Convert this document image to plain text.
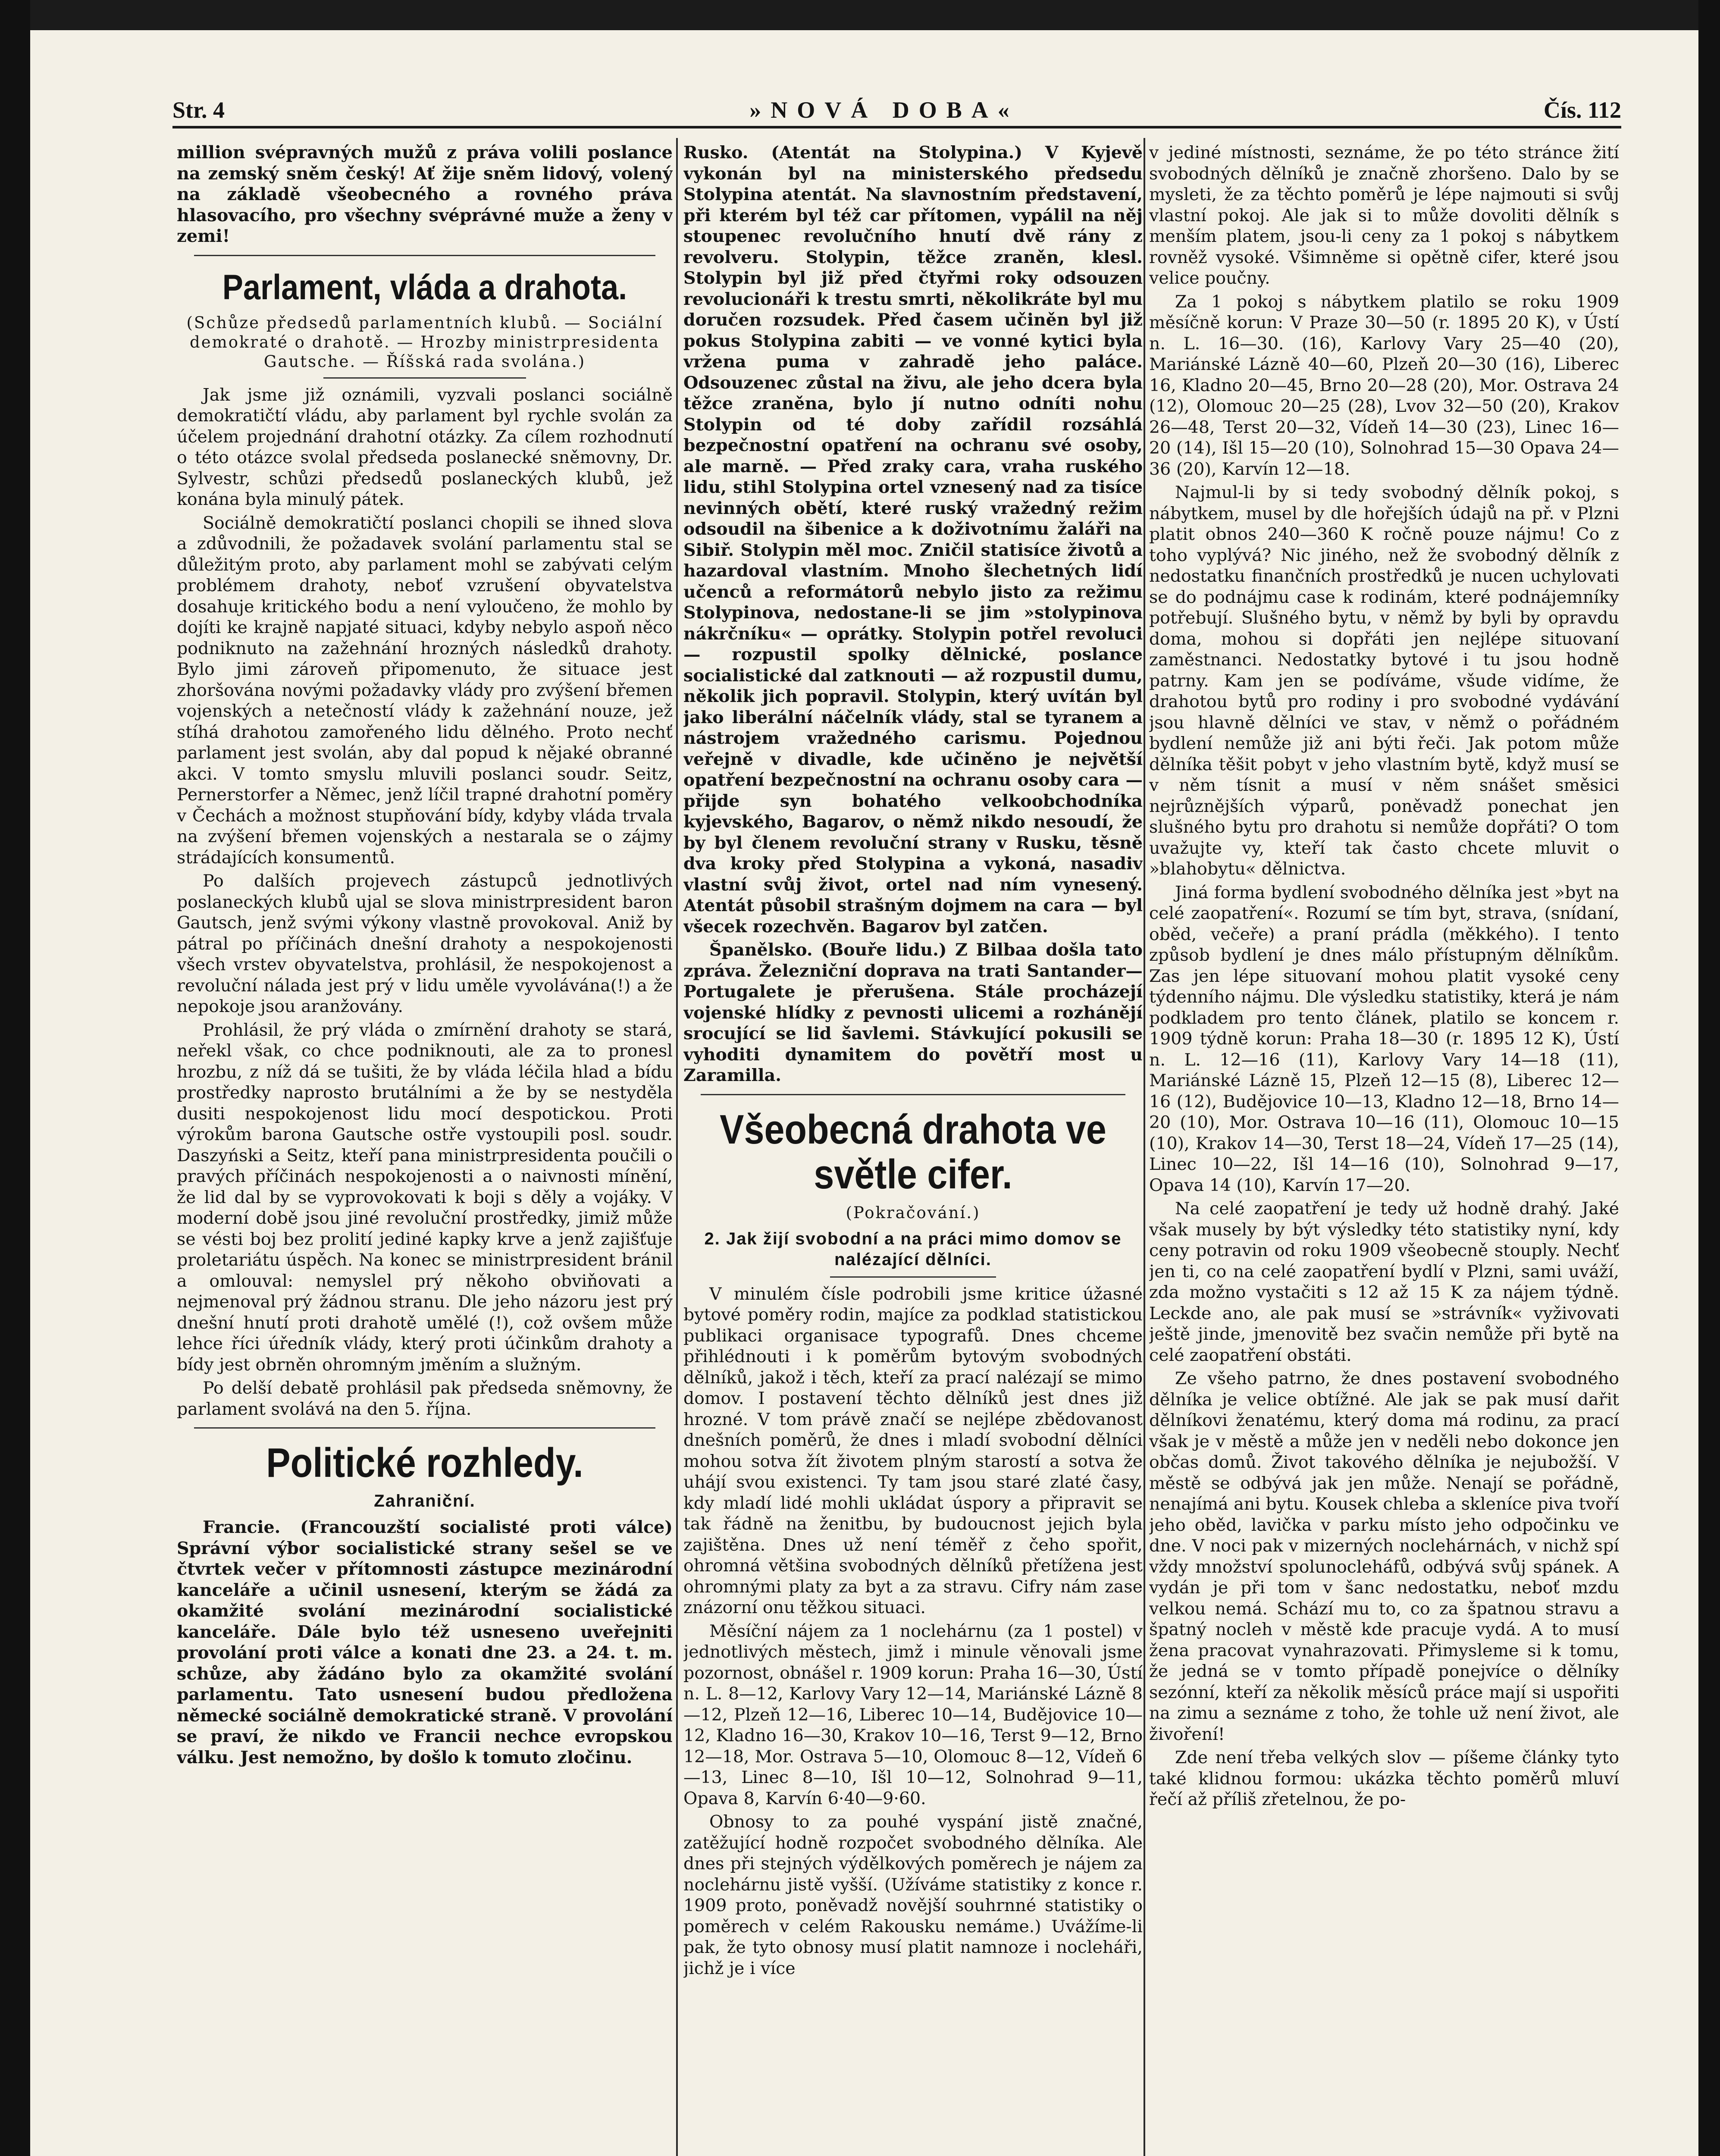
Str. 4	»NOVÁ DOBA«	Čís. 112

million svépravných mužů z práva volili poslance na zemský sněm český! Ať žije sněm lidový, volený na základě všeobecného a rovného práva hlasovacího, pro všechny svéprávné muže a ženy v zemi!

Parlament, vláda a drahota.

(Schůze předsedů parlamentních klubů. — Sociální demokraté o drahotě. — Hrozby ministrpresidenta Gautsche. — Říšská rada svolána.)

Jak jsme již oznámili, vyzvali poslanci sociálně demokratičtí vládu, aby parlament byl rychle svolán za účelem projednání drahotní otázky. Za cílem rozhodnutí o této otázce svolal předseda poslanecké sněmovny, Dr. Sylvestr, schůzi předsedů poslaneckých klubů, jež konána byla minulý pátek.

Sociálně demokratičtí poslanci chopili se ihned slova a zdůvodnili, že požadavek svolání parlamentu stal se důležitým proto, aby parlament mohl se zabývati celým problémem drahoty, neboť vzrušení obyvatelstva dosahuje kritického bodu a není vyloučeno, že mohlo by dojíti ke krajně napjaté situaci, kdyby nebylo aspoň něco podniknuto na zažehnání hrozných následků drahoty. Bylo jimi zároveň připomenuto, že situace jest zhoršována novými požadavky vlády pro zvýšení břemen vojenských a netečností vlády k zažehnání nouze, jež stíhá drahotou zamořeného lidu dělného. Proto nechť parlament jest svolán, aby dal popud k nějaké obranné akci. V tomto smyslu mluvili poslanci soudr. Seitz, Pernerstorfer a Němec, jenž líčil trapné drahotní poměry v Čechách a možnost stupňování bídy, kdyby vláda trvala na zvýšení břemen vojenských a nestarala se o zájmy strádajících konsumentů.

Po dalších projevech zástupců jednotlivých poslaneckých klubů ujal se slova ministrpresident baron Gautsch, jenž svými výkony vlastně provokoval. Aniž by pátral po příčinách dnešní drahoty a nespokojenosti všech vrstev obyvatelstva, prohlásil, že nespokojenost a revoluční nálada jest prý v lidu uměle vyvolávána(!) a že nepokoje jsou aranžovány.

Prohlásil, že prý vláda o zmírnění drahoty se stará, neřekl však, co chce podniknouti, ale za to pronesl hrozbu, z níž dá se tušiti, že by vláda léčila hlad a bídu prostředky naprosto brutálními a že by se nestyděla dusiti nespokojenost lidu mocí despotickou. Proti výrokům barona Gautsche ostře vystoupili posl. soudr. Daszyński a Seitz, kteří pana ministrpresidenta poučili o pravých příčinách nespokojenosti a o naivnosti mínění, že lid dal by se vyprovokovati k boji s děly a vojáky. V moderní době jsou jiné revoluční prostředky, jimiž může se vésti boj bez prolití jediné kapky krve a jenž zajišťuje proletariátu úspěch. Na konec se ministrpresident bránil a omlouval: nemyslel prý někoho obviňovati a nejmenoval prý žádnou stranu. Dle jeho názoru jest prý dnešní hnutí proti drahotě umělé (!), což ovšem může lehce říci úředník vlády, který proti účinkům drahoty a bídy jest obrněn ohromným jměním a služným.

Po delší debatě prohlásil pak předseda sněmovny, že parlament svolává na den 5. října.

Politické rozhledy.
Zahraniční.

Francie. (Francouzští socialisté proti válce) Správní výbor socialistické strany sešel se ve čtvrtek večer v přítomnosti zástupce mezinárodní kanceláře a učinil usnesení, kterým se žádá za okamžité svolání mezinárodní socialistické kanceláře. Dále bylo též usneseno uveřejniti provolání proti válce a konati dne 23. a 24. t. m. schůze, aby žádáno bylo za okamžité svolání parlamentu. Tato usnesení budou předložena německé sociálně demokratické straně. V provolání se praví, že nikdo ve Francii nechce evropskou válku. Jest nemožno, by došlo k tomuto zločinu.

Rusko. (Atentát na Stolypina.) V Kyjevě vykonán byl na ministerského předsedu Stolypina atentát. Na slavnostním představení, při kterém byl též car přítomen, vypálil na něj stoupenec revolučního hnutí dvě rány z revolveru. Stolypin, těžce zraněn, klesl. Stolypin byl již před čtyřmi roky odsouzen revolucionáři k trestu smrti, několikráte byl mu doručen rozsudek. Před časem učiněn byl již pokus Stolypina zabiti — ve vonné kytici byla vržena puma v zahradě jeho paláce. Odsouzenec zůstal na živu, ale jeho dcera byla těžce zraněna, bylo jí nutno odníti nohu Stolypin od té doby zařídil rozsáhlá bezpečnostní opatření na ochranu své osoby, ale marně. — Před zraky cara, vraha ruského lidu, stihl Stolypina ortel vznesený nad za tisíce nevinných obětí, které ruský vražedný režim odsoudil na šibenice a k doživotnímu žaláři na Sibiř. Stolypin měl moc. Zničil statisíce životů a hazardoval vlastním. Mnoho šlechetných lidí učenců a reformátorů nebylo jisto za režimu Stolypinova, nedostane-li se jim »stolypinova nákrčníku« — oprátky. Stolypin potřel revoluci — rozpustil spolky dělnické, poslance socialistické dal zatknouti — až rozpustil dumu, několik jich popravil. Stolypin, který uvítán byl jako liberální náčelník vlády, stal se tyranem a nástrojem vražedného carismu. Pojednou veřejně v divadle, kde učiněno je největší opatření bezpečnostní na ochranu osoby cara — přijde syn bohatého velkoobchodníka kyjevského, Bagarov, o němž nikdo nesoudí, že by byl členem revoluční strany v Rusku, těsně dva kroky před Stolypina a vykoná, nasadiv vlastní svůj život, ortel nad ním vynesený. Atentát působil strašným dojmem na cara — byl všecek rozechvěn. Bagarov byl zatčen.

Španělsko. (Bouře lidu.) Z Bilbaa došla tato zpráva. Železniční doprava na trati Santander—Portugalete je přerušena. Stále procházejí vojenské hlídky z pevnosti ulicemi a rozhánějí srocující se lid šavlemi. Stávkující pokusili se vyhoditi dynamitem do povětří most u Zaramilla.

Všeobecná drahota ve světle cifer.

(Pokračování.)

2. Jak žijí svobodní a na práci mimo domov se nalézající dělníci.

V minulém čísle podrobili jsme kritice úžasné bytové poměry rodin, majíce za podklad statistickou publikaci organisace typografů. Dnes chceme přihlédnouti i k poměrům bytovým svobodných dělníků, jakož i těch, kteří za prací nalézají se mimo domov. I postavení těchto dělníků jest dnes již hrozné. V tom právě značí se nejlépe zbědovanost dnešních poměrů, že dnes i mladí svobodní dělníci mohou sotva žít životem plným starostí a sotva že uhájí svou existenci. Ty tam jsou staré zlaté časy, kdy mladí lidé mohli ukládat úspory a připravit se tak řádně na ženitbu, by budoucnost jejich byla zajištěna. Dnes už není téměř z čeho spořit, ohromná většina svobodných dělníků přetížena jest ohromnými platy za byt a za stravu. Cifry nám zase znázorní onu těžkou situaci.

Měsíční nájem za 1 noclehárnu (za 1 postel) v jednotlivých městech, jimž i minule věnovali jsme pozornost, obnášel r. 1909 korun: Praha 16—30, Ústí n. L. 8—12, Karlovy Vary 12—14, Mariánské Lázně 8—12, Plzeň 12—16, Liberec 10—14, Budějovice 10—12, Kladno 16—30, Krakov 10—16, Terst 9—12, Brno 12—18, Mor. Ostrava 5—10, Olomouc 8—12, Vídeň 6—13, Linec 8—10, Išl 10—12, Solnohrad 9—11, Opava 8, Karvín 6·40—9·60.

Obnosy to za pouhé vyspání jistě značné, zatěžující hodně rozpočet svobodného dělníka. Ale dnes při stejných výdělkových poměrech je nájem za noclehárnu jistě vyšší. (Užíváme statistiky z konce r. 1909 proto, poněvadž novější souhrnné statistiky o poměrech v celém Rakousku nemáme.) Uvážíme-li pak, že tyto obnosy musí platit namnoze i nocleháři, jichž je i více

v jediné místnosti, seznáme, že po této stránce žití svobodných dělníků je značně zhoršeno. Dalo by se mysleti, že za těchto poměrů je lépe najmouti si svůj vlastní pokoj. Ale jak si to může dovoliti dělník s menším platem, jsou-li ceny za 1 pokoj s nábytkem rovněž vysoké. Všimněme si opětně cifer, které jsou velice poučny.

Za 1 pokoj s nábytkem platilo se roku 1909 měsíčně korun: V Praze 30—50 (r. 1895 20 K), v Ústí n. L. 16—30. (16), Karlovy Vary 25—40 (20), Mariánské Lázně 40—60, Plzeň 20—30 (16), Liberec 16, Kladno 20—45, Brno 20—28 (20), Mor. Ostrava 24 (12), Olomouc 20—25 (28), Lvov 32—50 (20), Krakov 26—48, Terst 20—32, Vídeň 14—30 (23), Linec 16—20 (14), Išl 15—20 (10), Solnohrad 15—30 Opava 24—36 (20), Karvín 12—18.

Najmul-li by si tedy svobodný dělník pokoj, s nábytkem, musel by dle hořejších údajů na př. v Plzni platit obnos 240—360 K ročně pouze nájmu! Co z toho vyplývá? Nic jiného, než že svobodný dělník z nedostatku finančních prostředků je nucen uchylovati se do podnájmu case k rodinám, které podnájemníky potřebují. Slušného bytu, v němž by byli by opravdu doma, mohou si dopřáti jen nejlépe situovaní zaměstnanci. Nedostatky bytové i tu jsou hodně patrny. Kam jen se podíváme, všude vidíme, že drahotou bytů pro rodiny i pro svobodné vydávání jsou hlavně dělníci ve stav, v němž o pořádném bydlení nemůže již ani býti řeči. Jak potom může dělníka těšit pobyt v jeho vlastním bytě, když musí se v něm tísnit a musí v něm snášet směsici nejrůznějších výparů, poněvadž ponechat jen slušného bytu pro drahotu si nemůže dopřáti? O tom uvažujte vy, kteří tak často chcete mluvit o »blahobytu« dělnictva.

Jiná forma bydlení svobodného dělníka jest »byt na celé zaopatření«. Rozumí se tím byt, strava, (snídaní, oběd, večeře) a praní prádla (měkkého). I tento způsob bydlení je dnes málo přístupným dělníkům. Zas jen lépe situovaní mohou platit vysoké ceny týdenního nájmu. Dle výsledku statistiky, která je nám podkladem pro tento článek, platilo se koncem r. 1909 týdně korun: Praha 18—30 (r. 1895 12 K), Ústí n. L. 12—16 (11), Karlovy Vary 14—18 (11), Mariánské Lázně 15, Plzeň 12—15 (8), Liberec 12—16 (12), Budějovice 10—13, Kladno 12—18, Brno 14—20 (10), Mor. Ostrava 10—16 (11), Olomouc 10—15 (10), Krakov 14—30, Terst 18—24, Vídeň 17—25 (14), Linec 10—22, Išl 14—16 (10), Solnohrad 9—17, Opava 14 (10), Karvín 17—20.

Na celé zaopatření je tedy už hodně drahý. Jaké však musely by být výsledky této statistiky nyní, kdy ceny potravin od roku 1909 všeobecně stouply. Nechť jen ti, co na celé zaopatření bydlí v Plzni, sami uváží, zda možno vystačiti s 12 až 15 K za nájem týdně. Leckde ano, ale pak musí se »strávník« vyživovati ještě jinde, jmenovitě bez svačin nemůže při bytě na celé zaopatření obstáti.

Ze všeho patrno, že dnes postavení svobodného dělníka je velice obtížné. Ale jak se pak musí dařit dělníkovi ženatému, který doma má rodinu, za prací však je v městě a může jen v neděli nebo dokonce jen občas domů. Život takového dělníka je nejubožší. V městě se odbývá jak jen může. Nenají se pořádně, nenajímá ani bytu. Kousek chleba a skleníce piva tvoří jeho oběd, lavička v parku místo jeho odpočinku ve dne. V noci pak v mizerných noclehárnách, v nichž spí vždy množství spolunocleháfů, odbývá svůj spánek. A vydán je při tom v šanc nedostatku, neboť mzdu velkou nemá. Schází mu to, co za špatnou stravu a špatný nocleh v městě kde pracuje vydá. A to musí žena pracovat vynahrazovati. Přimysleme si k tomu, že jedná se v tomto případě ponejvíce o dělníky sezónní, kteří za několik měsíců práce mají si uspořiti na zimu a seznáme z toho, že tohle už není život, ale živoření!

Zde není třeba velkých slov — píšeme články tyto také klidnou formou: ukázka těchto poměrů mluví řečí až příliš zřetelnou, že po-
